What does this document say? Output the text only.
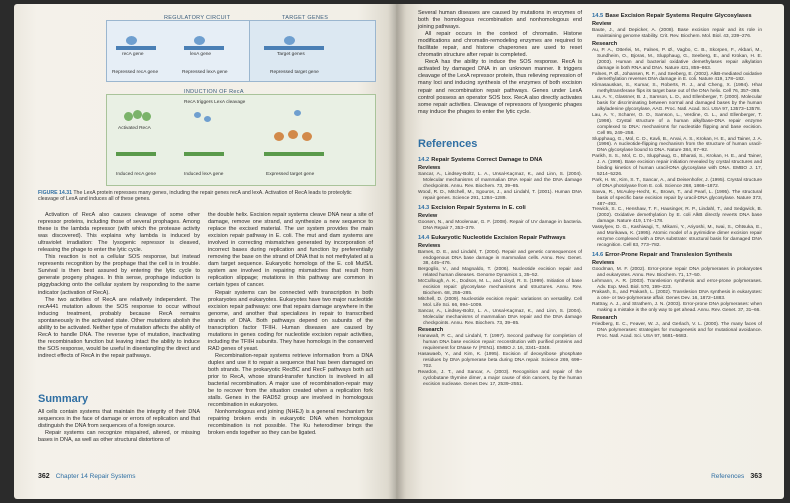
REGULATORY CIRCUIT	TARGET GENES
recA gene	lexA gene	Target genes
Repressed recA gene	Repressed lexA gene	Repressed target gene
INDUCTION OF RecA
RecA triggers LexA cleavage
Activated RecA
Induced recA gene	Induced lexA gene	Expressed target gene
FIGURE 14.31 The LexA protein represses many genes, including the repair genes recA and lexA. Activation of RecA leads to proteolytic cleavage of LexA and induces all of these genes.

Activation of RecA also causes cleavage of some other repressor proteins, including those of several prophages. Among these is the lambda repressor (with which the protease activity was discovered). This explains why lambda is induced by ultraviolet irradiation: The lysogenic repressor is cleaved, releasing the phage to enter the lytic cycle.

This reaction is not a cellular SOS response, but instead represents recognition by the prophage that the cell is in trouble. Survival is then best assured by entering the lytic cycle to generate progeny phages. In this sense, prophage induction is piggybacking onto the cellular system by responding to the same indicator (activation of RecA).

The two activities of RecA are relatively independent. The recA441 mutation allows the SOS response to occur without inducing treatment, probably because RecA remains spontaneously in the activated state. Other mutations abolish the ability to be activated. Neither type of mutation affects the ability of RecA to handle DNA. The reverse type of mutation, inactivating the recombination function but leaving intact the ability to induce the SOS response, would be useful in disentangling the direct and indirect effects of RecA in the repair pathways.

Summary

All cells contain systems that maintain the integrity of their DNA sequences in the face of damage or errors of replication and that distinguish the DNA from sequences of a foreign source.

Repair systems can recognize mispaired, altered, or missing bases in DNA, as well as other structural distortions of

the double helix. Excision repair systems cleave DNA near a site of damage, remove one strand, and synthesize a new sequence to replace the excised material. The uvr system provides the main excision repair pathway in E. coli. The mut and dam systems are involved in correcting mismatches generated by incorporation of incorrect bases during replication and function by preferentially removing the base on the strand of DNA that is not methylated at a dam target sequence. Eukaryotic homologs of the E. coli MutS/L system are involved in repairing mismatches that result from replication slippage; mutations in this pathway are common in certain types of cancer.

Repair systems can be connected with transcription in both prokaryotes and eukaryotes. Eukaryotes have two major nucleotide excision repair pathways: one that repairs damage anywhere in the genome, and another that specializes in repair to transcribed strands of DNA. Both pathways depend on subunits of the transcription factor TFIIH. Human diseases are caused by mutations in genes coding for nucleotide excision repair activities, including the TFIIH subunits. They have homologs in the conserved RAD genes of yeast.

Recombination-repair systems retrieve information from a DNA duplex and use it to repair a sequence that has been damaged on both strands. The prokaryotic RecBC and RecF pathways both act prior to RecA, whose strand-transfer function is involved in all bacterial recombination. A major use of recombination-repair may be to recover from the situation created when a replication fork stalls. Genes in the RAD52 group are involved in homologous recombination in eukaryotes.

Nonhomologous end joining (NHEJ) is a general mechanism for repairing broken ends in eukaryotic DNA when homologous recombination is not possible. The Ku heterodimer brings the broken ends together so they can be ligated.

362 Chapter 14 Repair Systems

Several human diseases are caused by mutations in enzymes of both the homologous recombination and nonhomologous end joining pathways.

All repair occurs in the context of chromatin. Histone modifications and chromatin-remodeling enzymes are required to facilitate repair, and histone chaperones are used to reset chromatin structure after repair is completed.

RecA has the ability to induce the SOS response. RecA is activated by damaged DNA in an unknown manner. It triggers cleavage of the LexA repressor protein, thus relieving repression of many loci and inducing synthesis of the enzymes of both excision repair and recombination repair pathways. Genes under LexA control possess an operator SOS box. RecA also directly activates some repair activities. Cleavage of repressors of lysogenic phages may induce the phages to enter the lytic cycle.

References
14.2 Repair Systems Correct Damage to DNA
Reviews
Sancar, A., Lindsey-Boltz, L. A., Unsal-Kaçmaz, K., and Linn, S. (2004). Molecular mechanisms of mammalian DNA repair and the DNA damage checkpoints. Annu. Rev. Biochem. 73, 39–85.
Wood, R. D., Mitchell, M., Sgouros, J., and Lindahl, T. (2001). Human DNA repair genes. Science 291, 1284–1289.
14.3 Excision Repair Systems in E. coli
Review
Goosen, N., and Moolenaar, G. F. (2008). Repair of UV damage in bacteria. DNA Repair 7, 353–379.
14.4 Eukaryotic Nucleotide Excision Repair Pathways
Reviews
Barnes, D. E., and Lindahl, T. (2004). Repair and genetic consequences of endogenous DNA base damage in mammalian cells. Annu. Rev. Genet. 38, 445–476.
Bergoglio, V., and Magnaldo, T. (2006). Nucleotide excision repair and related human diseases. Genome Dynamics 1, 35–52.
McCullough, A. K., Dodson, M. L., and Lloyd, R. S. (1999). Initiation of base excision repair: glycosylase mechanisms and structures. Annu. Rev. Biochem. 68, 255–285.
Mitchell, D. (2009). Nucleotide excision repair: variations on versatility. Cell Mol. Life Sci. 66, 994–1009.
Sancar, A., Lindsey-Boltz, L. A., Unsal-Kaçmaz, K., and Linn, S. (2004). Molecular mechanisms of mammalian DNA repair and the DNA damage checkpoints. Annu. Rev. Biochem. 73, 39–85.
Research
Hanawalt, P. C., and Lindahl, T. (1997). Second pathway for completion of human DNA base excision repair: reconstitution with purified proteins and requirement for DNase IV (FEN1). EMBO J. 16, 3341–3348.
Hasawaeb, Y., and Kim, K. (1995). Excision of deoxyribose phosphate residues by DNA polymerase beta during DNA repair. Science 269, 699–702.
Reardon, J. T., and Sancar, A. (2003). Recognition and repair of the cyclobutane thymine dimer, a major cause of skin cancers, by the human excision nuclease. Genes Dev. 17, 2539–2551.
14.5 Base Excision Repair Systems Require Glycosylases
Review
Baute, J., and Depicker, A. (2008). Base excision repair and its role in maintaining genome stability. Crit. Rev. Biochem. Mol. Biol. 43, 239–276.
Research
Au, P. A., Otterlei, M., Falnes, P. Ø., Vagbo, C. B., Skorpen, F., Akbari, M., Sundheim, O., Bjoras, M., Slupphaug, G., Seeberg, E., and Krokan, H. E. (2003). Human and bacterial oxidative demethylases repair alkylation damage in both RNA and DNA. Nature 421, 859–863.
Falnes, P. Ø., Johansen, R. F., and Seeberg, E. (2002). AlkB-mediated oxidative demethylation reverses DNA damage in E. coli. Nature 419, 178–182.
Klimasauskas, S., Kumar, S., Roberts, R. J., and Cheng, X. (1994). HhaI methyltransferase flips its target base out of the DNA helix. Cell 76, 357–369.
Lau, A. Y., Glassner, B. J., Samson, L. D., and Ellenberger, T. (2000). Molecular basis for discriminating between normal and damaged bases by the human alkyladenine glycosylase, AAG. Proc. Natl. Acad. Sci. USA 97, 13573–13578.
Lau, A. Y., Scharer, O. D., Samson, L., Verdine, G. L., and Ellenberger, T. (1998). Crystal structure of a human alkylbase-DNA repair enzyme complexed to DNA: mechanisms for nucleotide flipping and base excision. Cell 95, 249–258.
Slupphaug, G., Mol, C. D., Kavli, B., Arvai, A. S., Krokan, H. E., and Tainer, J. A. (1996). A nucleotide-flipping mechanism from the structure of human uracil-DNA glycosylase bound to DNA. Nature 384, 87–92.
Parikh, S. S., Mol, C. D., Slupphaug, G., Bharati, S., Krokan, H. E., and Tainer, J. A. (1998). Base excision repair initiation revealed by crystal structures and binding kinetics of human uracil-DNA glycosylase with DNA. EMBO J. 17, 5214–5226.
Park, H. W., Kim, S. T., Sancar, A., and Deisenhofer, J. (1995). Crystal structure of DNA photolyase from E. coli. Science 268, 1866–1872.
Savva, R., McAuley-Hecht, K., Brown, T., and Pearl, L. (1995). The structural basis of specific base excision repair by uracil-DNA glycosylase. Nature 373, 487–493.
Trewick, S. C., Henshaw, T. F., Hausinger, R. P., Lindahl, T., and Sedgwick, B. (2002). Oxidative demethylation by E. coli AlkB directly reverts DNA base damage. Nature 419, 174–178.
Vassylyev, D. G., Kashiwagi, T., Mikami, Y., Ariyoshi, M., Iwai, S., Ohtsuka, E., and Morikawa, K. (1995). Atomic model of a pyrimidine dimer excision repair enzyme complexed with a DNA substrate: structural basis for damaged DNA recognition. Cell 83, 773–782.
14.6 Error-Prone Repair and Translesion Synthesis
Reviews
Goodman, M. F. (2002). Error-prone repair DNA polymerases in prokaryotes and eukaryotes. Annu. Rev. Biochem. 71, 17–50.
Lehmann, A. R. (2003). Translesion synthesis and error-prone polymerases. Adv. Exp. Med. Biol. 570, 199–223.
Prakash, S., and Prakash, L. (2002). Translesion DNA synthesis in eukaryotes: a one- or two-polymerase affair. Genes Dev. 16, 1872–1883.
Rattray, A. J., and Strathern, J. N. (2003). Error-prone DNA polymerases: when making a mistake is the only way to get ahead. Annu. Rev. Genet. 37, 31–66.
Research
Friedberg, E. C., Feaver, W. J., and Gerlach, V. L. (2000). The many faces of DNA polymerases: strategies for mutagenesis and for mutational avoidance. Proc. Natl. Acad. Sci. USA 97, 5681–5683.
References 363
